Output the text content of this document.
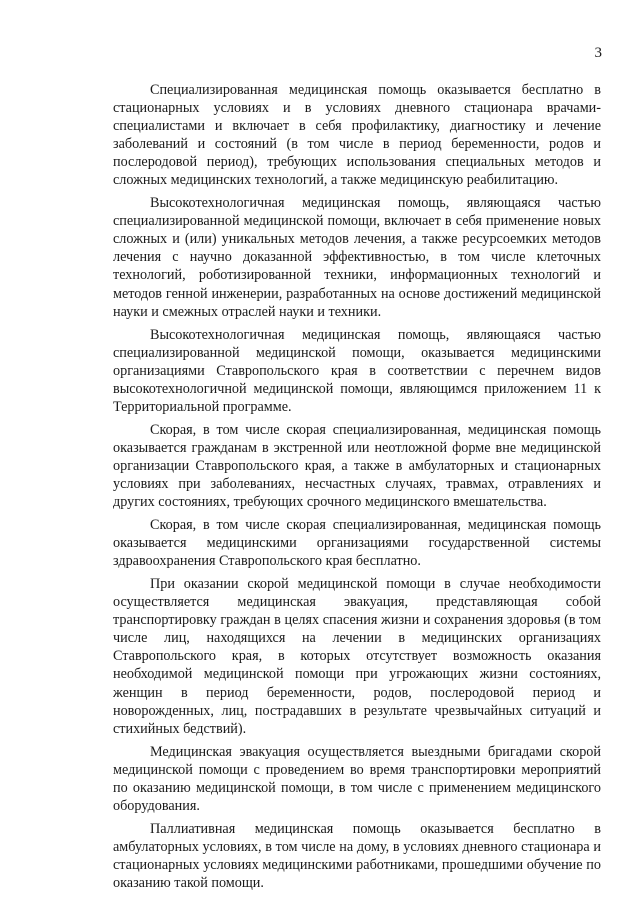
3

Специализированная медицинская помощь оказывается бесплатно в стационарных условиях и в условиях дневного стационара врачами-специалистами и включает в себя профилактику, диагностику и лечение заболеваний и состояний (в том числе в период беременности, родов и послеродовой период), требующих использования специальных методов и сложных медицинских технологий, а также медицинскую реабилитацию.

Высокотехнологичная медицинская помощь, являющаяся частью специализированной медицинской помощи, включает в себя применение новых сложных и (или) уникальных методов лечения, а также ресурсоемких методов лечения с научно доказанной эффективностью, в том числе клеточных технологий, роботизированной техники, информационных технологий и методов генной инженерии, разработанных на основе достижений медицинской науки и смежных отраслей науки и техники.

Высокотехнологичная медицинская помощь, являющаяся частью специализированной медицинской помощи, оказывается медицинскими организациями Ставропольского края в соответствии с перечнем видов высокотехнологичной медицинской помощи, являющимся приложением 11 к Территориальной программе.

Скорая, в том числе скорая специализированная, медицинская помощь оказывается гражданам в экстренной или неотложной форме вне медицинской организации Ставропольского края, а также в амбулаторных и стационарных условиях при заболеваниях, несчастных случаях, травмах, отравлениях и других состояниях, требующих срочного медицинского вмешательства.

Скорая, в том числе скорая специализированная, медицинская помощь оказывается медицинскими организациями государственной системы здравоохранения Ставропольского края бесплатно.

При оказании скорой медицинской помощи в случае необходимости осуществляется медицинская эвакуация, представляющая собой транспортировку граждан в целях спасения жизни и сохранения здоровья (в том числе лиц, находящихся на лечении в медицинских организациях Ставропольского края, в которых отсутствует возможность оказания необходимой медицинской помощи при угрожающих жизни состояниях, женщин в период беременности, родов, послеродовой период и новорожденных, лиц, пострадавших в результате чрезвычайных ситуаций и стихийных бедствий).

Медицинская эвакуация осуществляется выездными бригадами скорой медицинской помощи с проведением во время транспортировки мероприятий по оказанию медицинской помощи, в том числе с применением медицинского оборудования.

Паллиативная медицинская помощь оказывается бесплатно в амбулаторных условиях, в том числе на дому, в условиях дневного стационара и стационарных условиях медицинскими работниками, прошедшими обучение по оказанию такой помощи.
